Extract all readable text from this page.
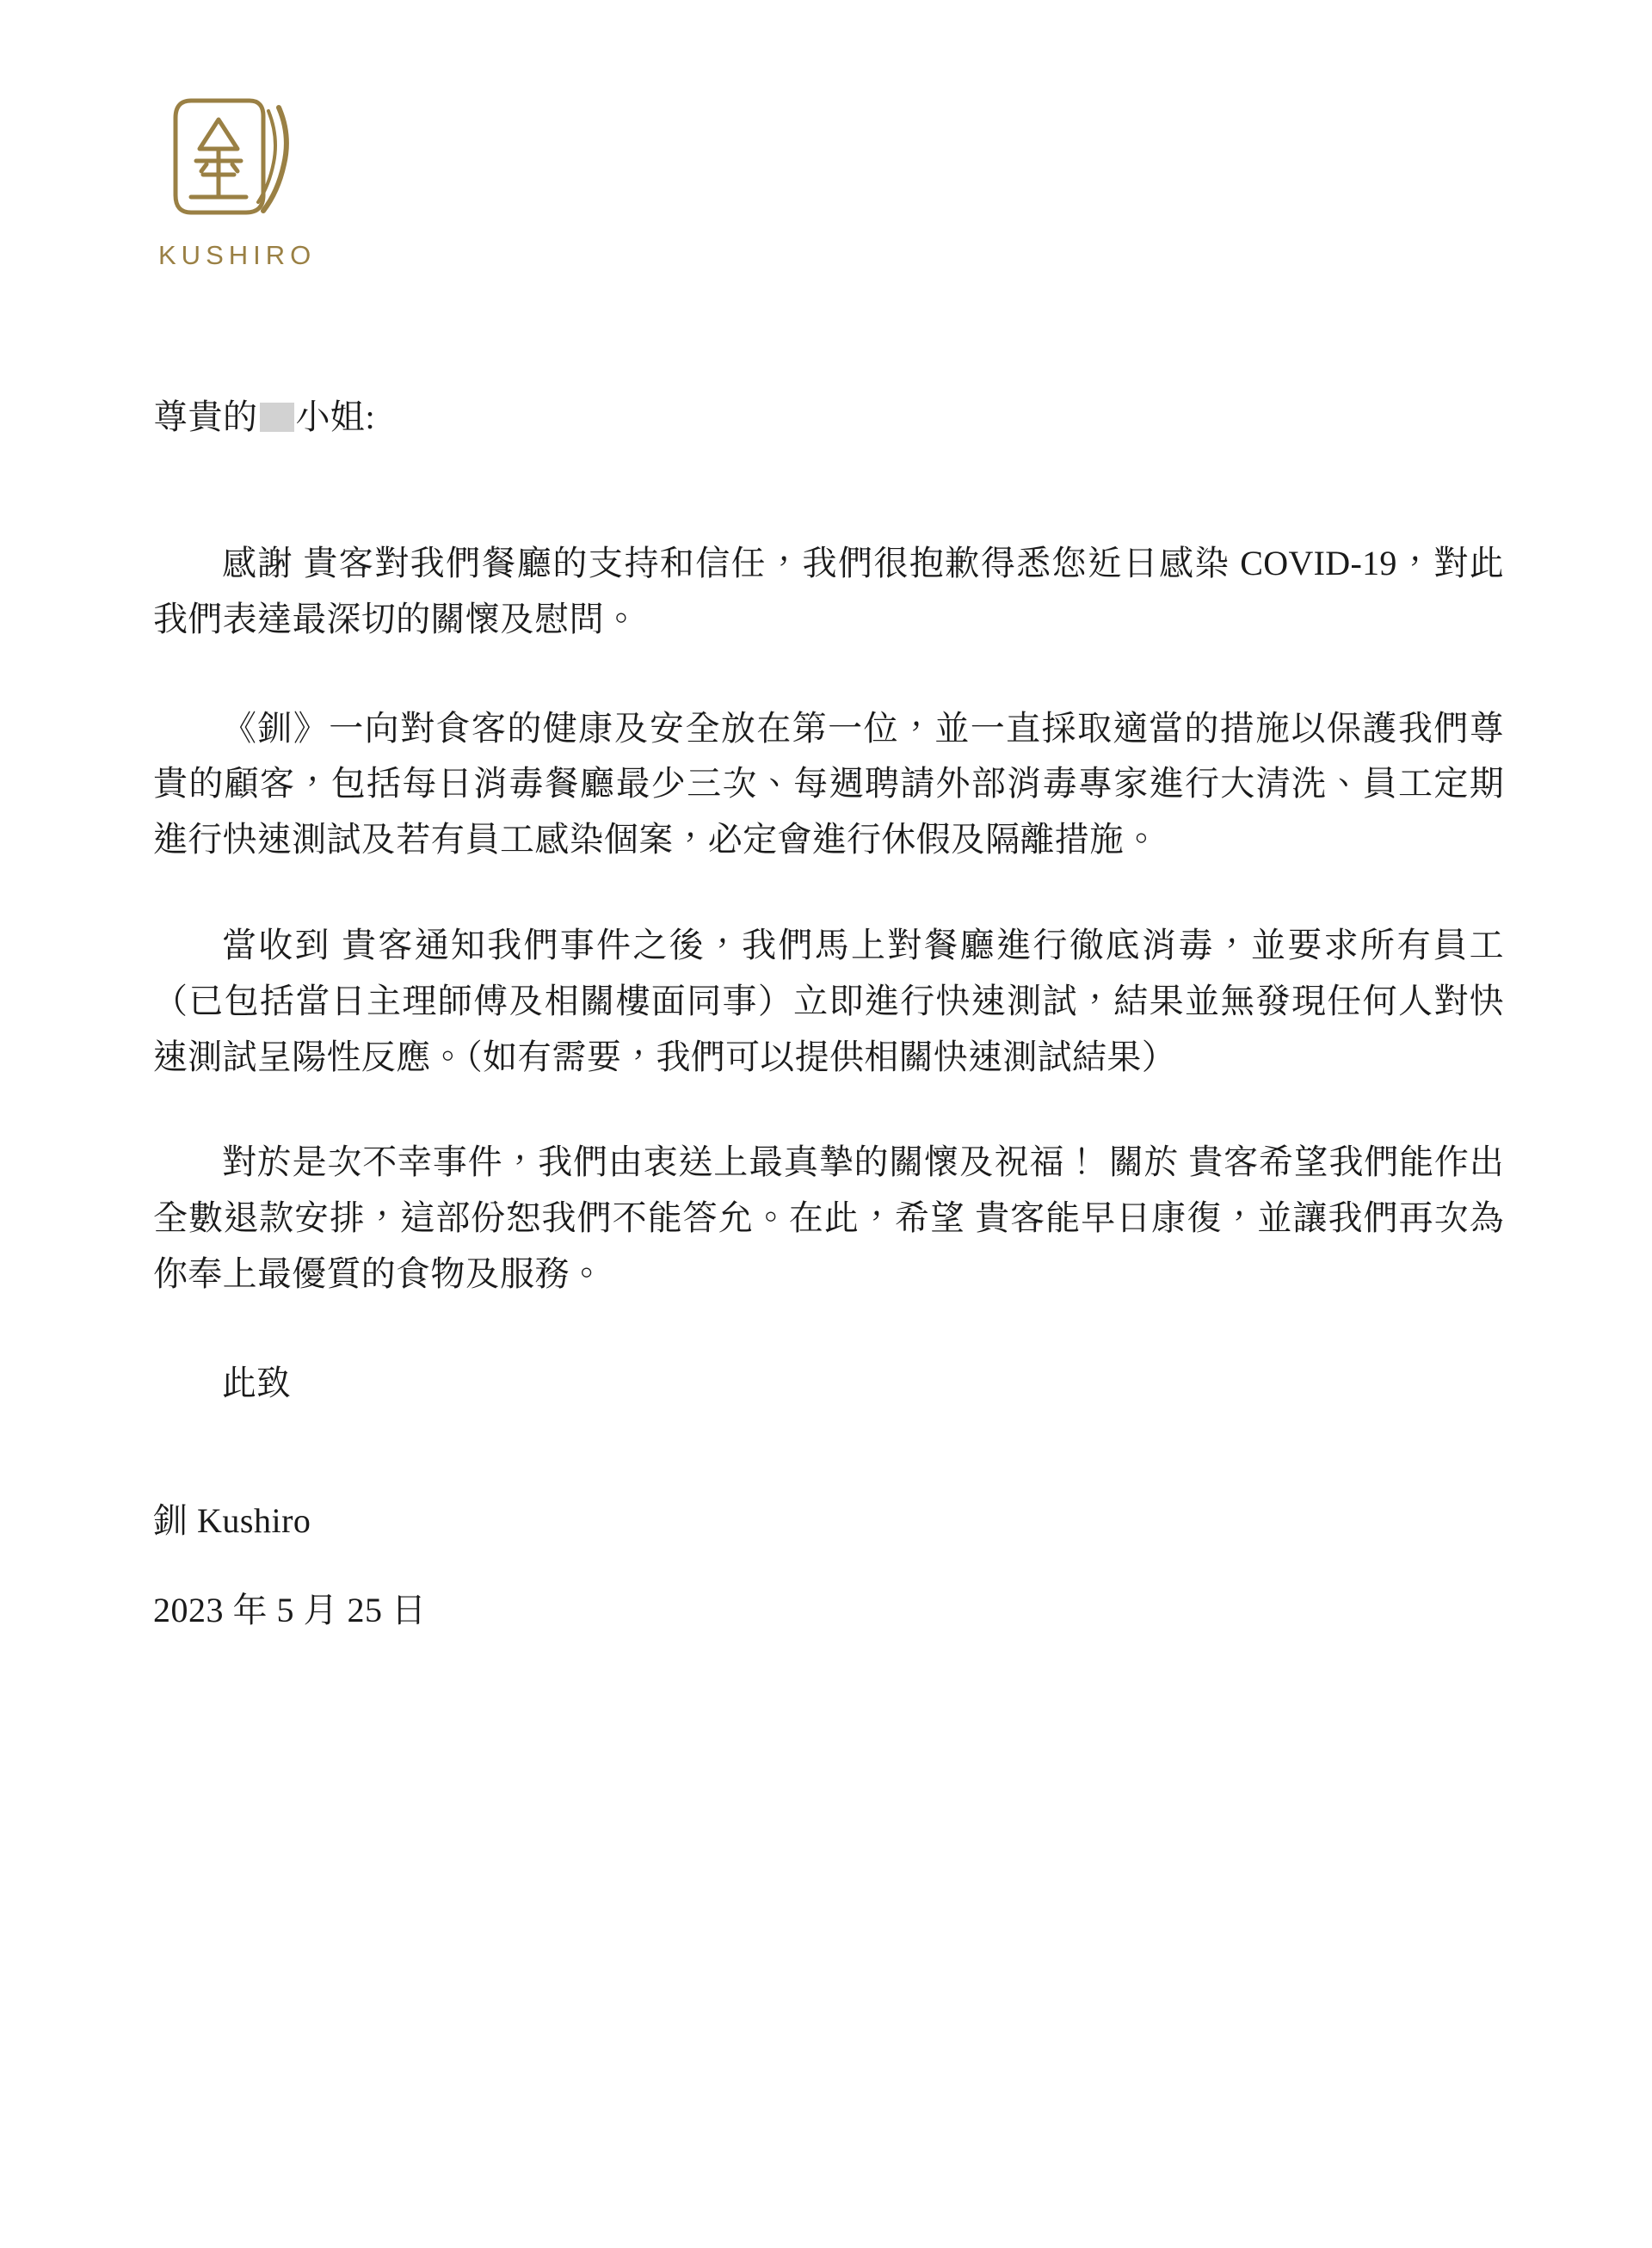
KUSHIRO
尊貴的 小姐:

感謝 貴客對我們餐廳的支持和信任，我們很抱歉得悉您近日感染 COVID-19，對此我們表達最深切的關懷及慰問。

《釧》一向對食客的健康及安全放在第一位，並一直採取適當的措施以保護我們尊貴的顧客，包括每日消毒餐廳最少三次、每週聘請外部消毒專家進行大清洗、員工定期進行快速測試及若有員工感染個案，必定會進行休假及隔離措施。

當收到 貴客通知我們事件之後，我們馬上對餐廳進行徹底消毒，並要求所有員工（已包括當日主理師傅及相關樓面同事）立即進行快速測試，結果並無發現任何人對快速測試呈陽性反應。（如有需要，我們可以提供相關快速測試結果）

對於是次不幸事件，我們由衷送上最真摯的關懷及祝福！ 關於 貴客希望我們能作出全數退款安排，這部份恕我們不能答允。在此，希望 貴客能早日康復，並讓我們再次為你奉上最優質的食物及服務。

此致
釧 Kushiro
2023 年 5 月 25 日
